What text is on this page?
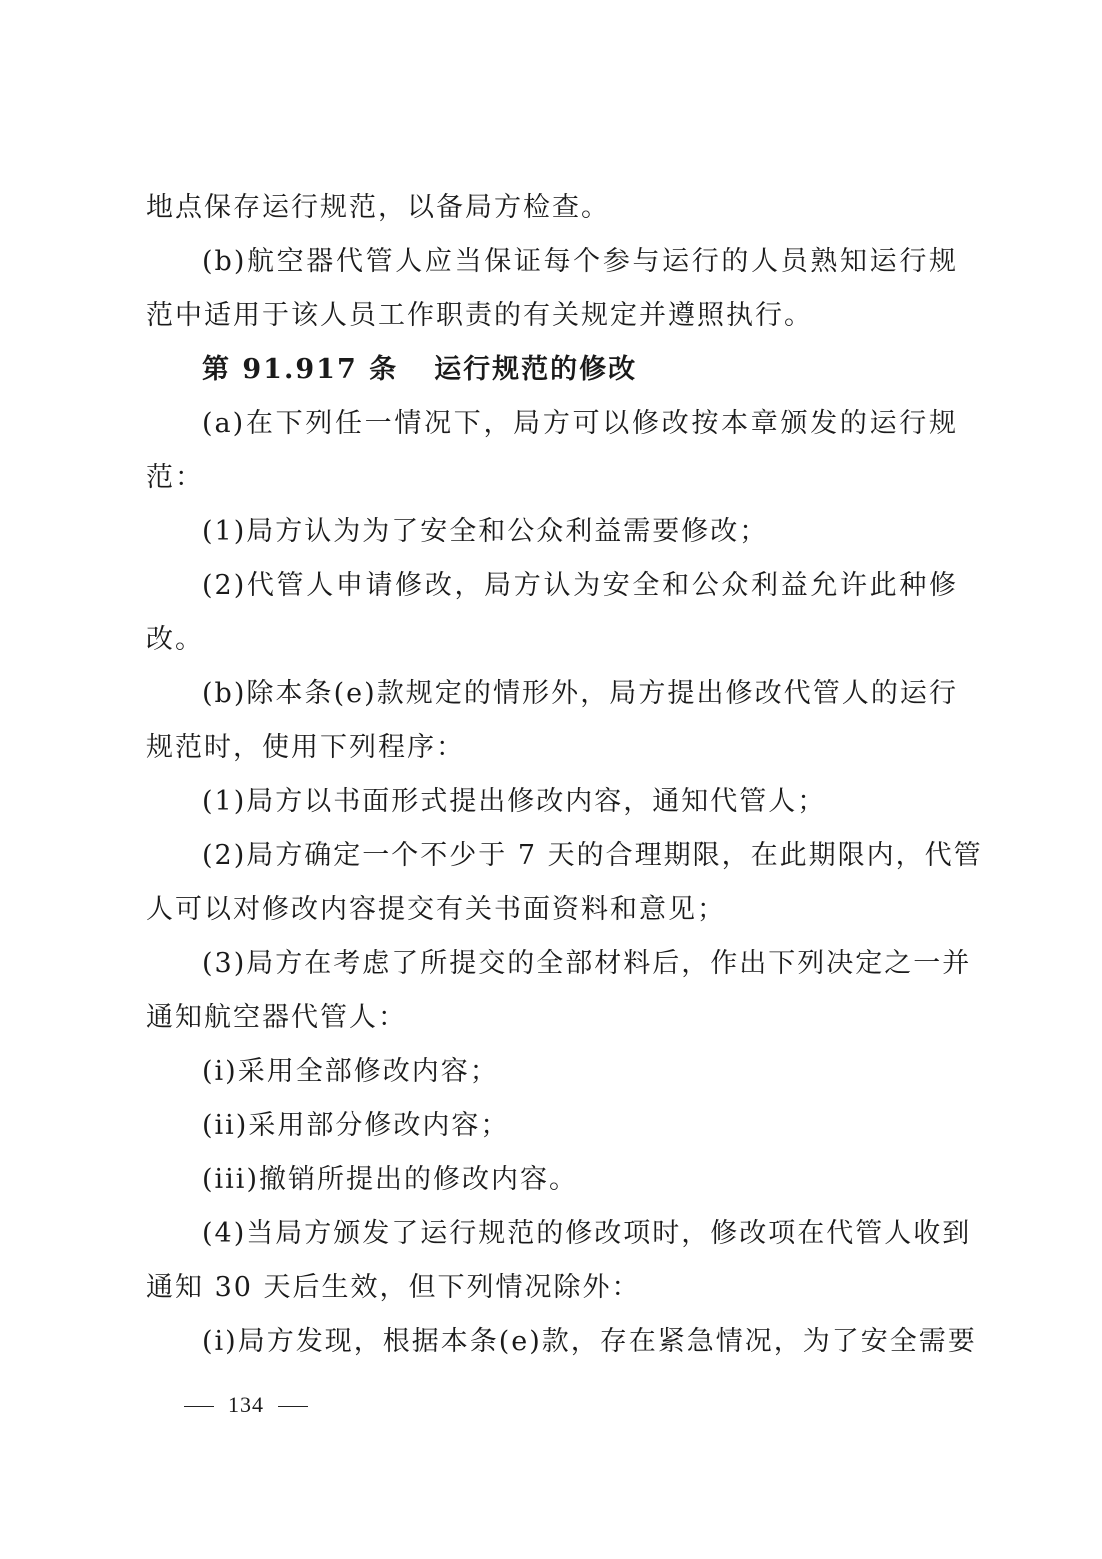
地点保存运行规范，以备局方检查。
(b)航空器代管人应当保证每个参与运行的人员熟知运行规
范中适用于该人员工作职责的有关规定并遵照执行。
第 91.917 条 运行规范的修改
(a)在下列任一情况下，局方可以修改按本章颁发的运行规
范：
(1)局方认为为了安全和公众利益需要修改；
(2)代管人申请修改，局方认为安全和公众利益允许此种修
改。
(b)除本条(e)款规定的情形外，局方提出修改代管人的运行
规范时，使用下列程序：
(1)局方以书面形式提出修改内容，通知代管人；
(2)局方确定一个不少于 7 天的合理期限，在此期限内，代管
人可以对修改内容提交有关书面资料和意见；
(3)局方在考虑了所提交的全部材料后，作出下列决定之一并
通知航空器代管人：
(i)采用全部修改内容；
(ii)采用部分修改内容；
(iii)撤销所提出的修改内容。
(4)当局方颁发了运行规范的修改项时，修改项在代管人收到
通知 30 天后生效，但下列情况除外：
(i)局方发现，根据本条(e)款，存在紧急情况，为了安全需要
134
